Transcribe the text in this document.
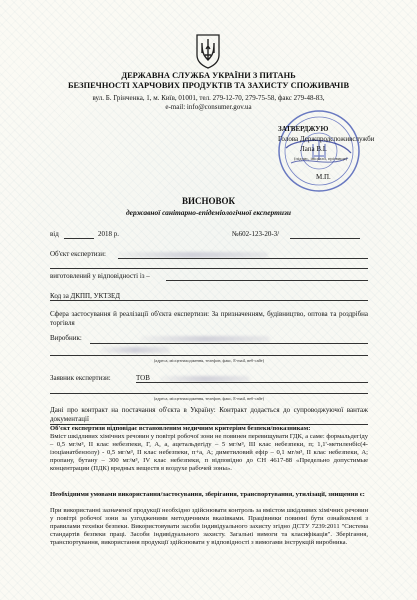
ДЕРЖАВНА СЛУЖБА УКРАЇНИ З ПИТАНЬ
БЕЗПЕЧНОСТІ ХАРЧОВИХ ПРОДУКТІВ ТА ЗАХИСТУ СПОЖИВАЧІВ
вул. Б. Грінченка, 1, м. Київ, 01001, тел. 279-12-70, 279-75-58, факс 279-48-83,
e-mail: info@consumer.gov.ua
ЗАТВЕРДЖУЮ
Голова Держпродспоживслужби
Лапа В.І.
(підпис, ініціали, прізвище)
М.П.
ВИСНОВОК
державної санітарно-епідеміологічної експертизи
від	2018 р.	№602-123-20-3/
Об'єкт експертизи:
виготовлений у відповідності із –
Код за ДКПП, УКТЗЕД
Сфера застосування й реалізації об'єкта експертизи: За призначенням, будівництво, оптова та роздрібна торгівля
Виробник:
(адреса, місцезнаходження, телефон, факс, E-mail, веб-сайт)
Заявник експертизи:	ТОВ
(адреса, місцезнаходження, телефон, факс, E-mail, веб-сайт)
Дані про контракт на постачання об'єкта в Україну: Контракт додається до супроводжуючої вантаж документації
Об'єкт експертизи відповідає встановленим медичним критеріям безпеки/показникам:
Вміст шкідливих хімічних речовин у повітрі робочої зони не повинен перевищувати ГДК, а саме: формальдегіду – 0,5 мг/м³, ІІ клас небезпеки, Г, А, а, ацетальдегіду – 5 мг/м³, ІІІ клас небезпеки, п; 1,1'-метиленбіс(4-ізоціанатбензолу) - 0,5 мг/м³, ІІ клас небезпеки, п+а, А; диметиловий ефір – 0,1 мг/м³, ІІ клас небезпеки, А; пропану, бутану – 300 мг/м³, IV клас небезпеки, п відповідно до СН 4617-88 «Предельно допустимые концентрации (ПДК) вредных веществ в воздухе рабочей зоны».
Необхідними умовами використання/застосування, зберігання, транспортування, утилізації, знищення є:
При використанні зазначеної продукції необхідно здійснювати контроль за вмістом шкідливих хімічних речовин у повітрі робочої зони за узгодженими методичними вказівками. Працівники повинні бути ознайомлені з правилами техніки безпеки. Використовувати засоби індивідуального захисту згідно ДСТУ 7239:2011 "Система стандартів безпеки праці. Засоби індивідуального захисту. Загальні вимоги та класифікація". Зберігання, транспортування, використання продукції здійснювати у відповідності з вимогами інструкцій виробника.
